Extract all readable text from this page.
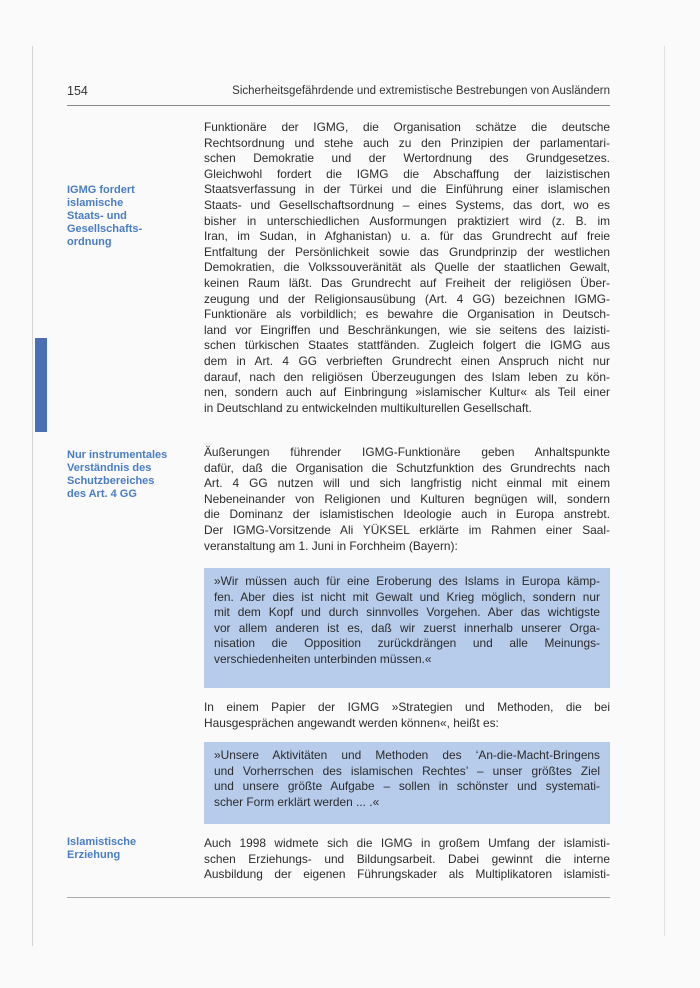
154	Sicherheitsgefährdende und extremistische Bestrebungen von Ausländern
IGMG fordert
islamische
Staats- und
Gesellschafts-
ordnung
Nur instrumentales
Verständnis des
Schutzbereiches
des Art. 4 GG
Islamistische
Erziehung
Funktionäre der IGMG, die Organisation schätze die deutsche
Rechtsordnung und stehe auch zu den Prinzipien der parlamentari-
schen Demokratie und der Wertordnung des Grundgesetzes.
Gleichwohl fordert die IGMG die Abschaffung der laizistischen
Staatsverfassung in der Türkei und die Einführung einer islamischen
Staats- und Gesellschaftsordnung – eines Systems, das dort, wo es
bisher in unterschiedlichen Ausformungen praktiziert wird (z. B. im
Iran, im Sudan, in Afghanistan) u. a. für das Grundrecht auf freie
Entfaltung der Persönlichkeit sowie das Grundprinzip der westlichen
Demokratien, die Volkssouveränität als Quelle der staatlichen Gewalt,
keinen Raum läßt. Das Grundrecht auf Freiheit der religiösen Über-
zeugung und der Religionsausübung (Art. 4 GG) bezeichnen IGMG-
Funktionäre als vorbildlich; es bewahre die Organisation in Deutsch-
land vor Eingriffen und Beschränkungen, wie sie seitens des laizisti-
schen türkischen Staates stattfänden. Zugleich folgert die IGMG aus
dem in Art. 4 GG verbrieften Grundrecht einen Anspruch nicht nur
darauf, nach den religiösen Überzeugungen des Islam leben zu kön-
nen, sondern auch auf Einbringung »islamischer Kultur« als Teil einer
in Deutschland zu entwickelnden multikulturellen Gesellschaft.
Äußerungen führender IGMG-Funktionäre geben Anhaltspunkte
dafür, daß die Organisation die Schutzfunktion des Grundrechts nach
Art. 4 GG nutzen will und sich langfristig nicht einmal mit einem
Nebeneinander von Religionen und Kulturen begnügen will, sondern
die Dominanz der islamistischen Ideologie auch in Europa anstrebt.
Der IGMG-Vorsitzende Ali YÜKSEL erklärte im Rahmen einer Saal-
veranstaltung am 1. Juni in Forchheim (Bayern):
»Wir müssen auch für eine Eroberung des Islams in Europa kämp-
fen. Aber dies ist nicht mit Gewalt und Krieg möglich, sondern nur
mit dem Kopf und durch sinnvolles Vorgehen. Aber das wichtigste
vor allem anderen ist es, daß wir zuerst innerhalb unserer Orga-
nisation die Opposition zurückdrängen und alle Meinungs-
verschiedenheiten unterbinden müssen.«
In einem Papier der IGMG »Strategien und Methoden, die bei
Hausgesprächen angewandt werden können«, heißt es:
»Unsere Aktivitäten und Methoden des ‘An-die-Macht-Bringens
und Vorherrschen des islamischen Rechtes’ – unser größtes Ziel
und unsere größte Aufgabe – sollen in schönster und systemati-
scher Form erklärt werden ... .«
Auch 1998 widmete sich die IGMG in großem Umfang der islamisti-
schen Erziehungs- und Bildungsarbeit. Dabei gewinnt die interne
Ausbildung der eigenen Führungskader als Multiplikatoren islamisti-
